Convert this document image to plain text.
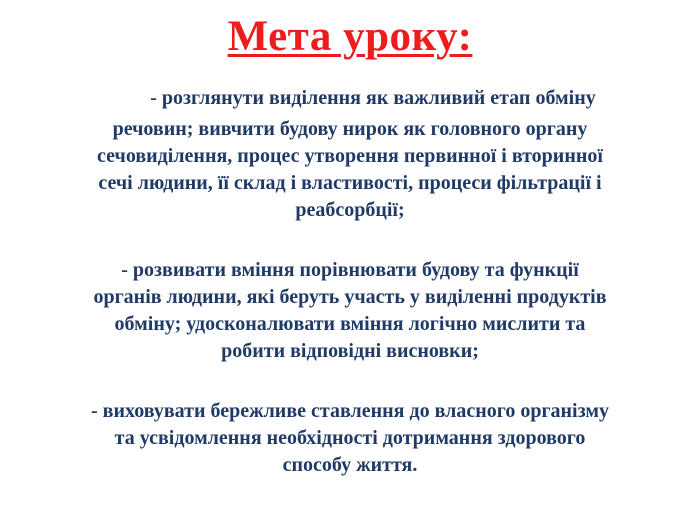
Мета уроку:
- розглянути виділення як важливий етап обміну
речовин; вивчити будову нирок як головного органу
сечовиділення, процес утворення первинної і вторинної
сечі людини, її склад і властивості, процеси фільтрації і
реабсорбції;
- розвивати вміння порівнювати будову та функції
органів людини, які беруть участь у виділенні продуктів
обміну; удосконалювати вміння логічно мислити та
робити відповідні висновки;
- виховувати бережливе ставлення до власного організму
та усвідомлення необхідності дотримання здорового
способу життя.
